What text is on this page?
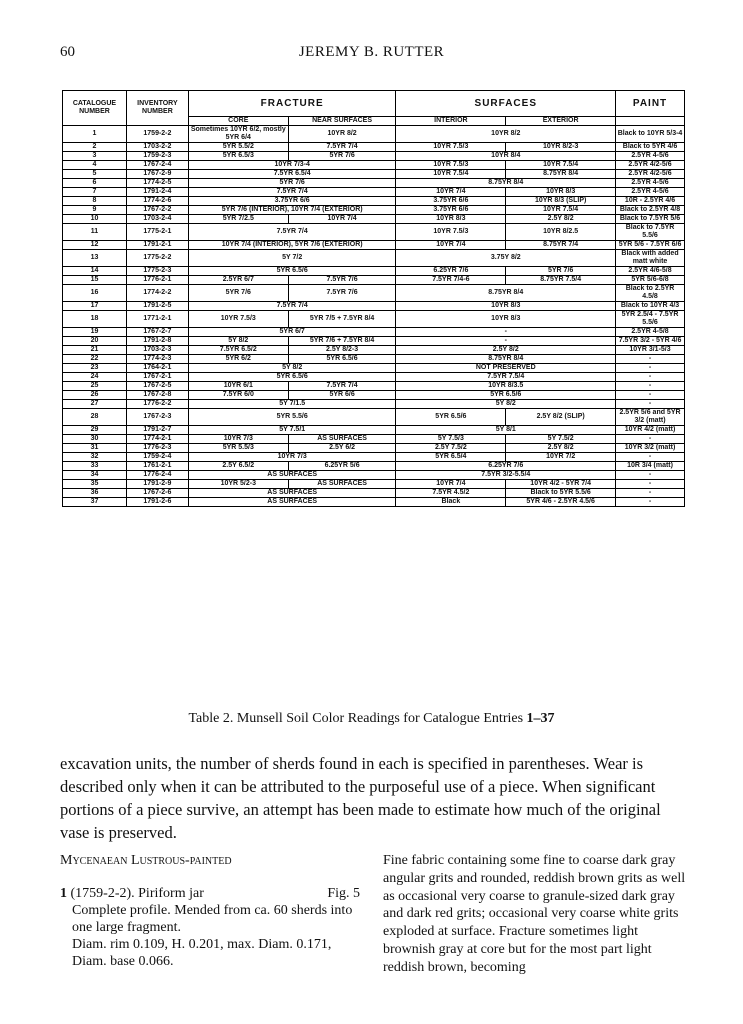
60	JEREMY B. RUTTER
CATALOGUE NUMBER	INVENTORY NUMBER	FRACTURE		SURFACES		PAINT
		CORE	NEAR SURFACES	INTERIOR	EXTERIOR	
1	1759-2-2	Sometimes 10YR 6/2, mostly 5YR 6/4	10YR 8/2	10YR 8/2		Black to 10YR 5/3-4
2	1703-2-2	5YR 5.5/2	7.5YR 7/4	10YR 7.5/3	10YR 8/2-3	Black to 5YR 4/6
3	1759-2-3	5YR 6.5/3	5YR 7/6	10YR 8/4		2.5YR 4-5/6
4	1767-2-4	10YR 7/3-4		10YR 7.5/3	10YR 7.5/4	2.5YR 4/2-5/6
5	1767-2-9	7.5YR 6.5/4		10YR 7.5/4	8.75YR 8/4	2.5YR 4/2-5/6
6	1774-2-5	5YR 7/6		8.75YR 8/4		2.5YR 4-5/6
7	1791-2-4	7.5YR 7/4		10YR 7/4	10YR 8/3	2.5YR 4-5/6
8	1774-2-6	3.75YR 6/6		3.75YR 6/6	10YR 8/3 (SLIP)	10R - 2.5YR 4/6
9	1767-2-2	5YR 7/6 (INTERIOR), 10YR 7/4 (EXTERIOR)		3.75YR 6/6	10YR 7.5/4	Black to 2.5YR 4/8
10	1703-2-4	5YR 7/2.5	10YR 7/4	10YR 8/3	2.5Y 8/2	Black to 7.5YR 5/6
11	1775-2-1	7.5YR 7/4		10YR 7.5/3	10YR 8/2.5	Black to 7.5YR 5.5/6
12	1791-2-1	10YR 7/4 (INTERIOR), 5YR 7/6 (EXTERIOR)		10YR 7/4	8.75YR 7/4	5YR 5/6 - 7.5YR 6/6
13	1775-2-2	5Y 7/2		3.75Y 8/2		Black with added matt white
14	1775-2-3	5YR 6.5/6		6.25YR 7/6	5YR 7/6	2.5YR 4/6-5/8
15	1776-2-1	2.5YR 6/7	7.5YR 7/6	7.5YR 7/4-6	8.75YR 7.5/4	5YR 5/6-6/8
16	1774-2-2	5YR 7/6	7.5YR 7/6	8.75YR 8/4		Black to 2.5YR 4.5/8
17	1791-2-5	7.5YR 7/4		10YR 8/3		Black to 10YR 4/3
18	1771-2-1	10YR 7.5/3	5YR 7/5 + 7.5YR 8/4	10YR 8/3		5YR 2.5/4 - 7.5YR 5.5/6
19	1767-2-7	5YR 6/7		-		2.5YR 4-5/8
20	1791-2-8	5Y 8/2	5YR 7/6 + 7.5YR 8/4	-		7.5YR 3/2 - 5YR 4/6
21	1703-2-3	7.5YR 6.5/2	2.5Y 8/2-3	2.5Y 8/2		10YR 3/1-5/3
22	1774-2-3	5YR 6/2	5YR 6.5/6	8.75YR 8/4		-
23	1764-2-1	5Y 8/2		NOT PRESERVED		-
24	1767-2-1	5YR 6.5/6		7.5YR 7.5/4		-
25	1767-2-5	10YR 6/1	7.5YR 7/4	10YR 8/3.5		-
26	1767-2-8	7.5YR 6/0	5YR 6/6	5YR 6.5/6		-
27	1776-2-2	5Y 7/1.5		5Y 8/2		-
28	1767-2-3	5YR 5.5/6		5YR 6.5/6	2.5Y 8/2 (SLIP)	2.5YR 5/6 and 5YR 3/2 (matt)
29	1791-2-7	5Y 7.5/1		5Y 8/1		10YR 4/2 (matt)
30	1774-2-1	10YR 7/3	AS SURFACES	5Y 7.5/3	5Y 7.5/2	-
31	1776-2-3	5YR 5.5/3	2.5Y 6/2	2.5Y 7.5/2	2.5Y 8/2	10YR 3/2 (matt)
32	1759-2-4	10YR 7/3		5YR 6.5/4	10YR 7/2	-
33	1761-2-1	2.5Y 6.5/2	6.25YR 5/6	6.25YR 7/6		10R 3/4 (matt)
34	1776-2-4	AS SURFACES		7.5YR 3/2-5.5/4		-
35	1791-2-9	10YR 5/2-3	AS SURFACES	10YR 7/4	10YR 4/2 - 5YR 7/4	-
36	1767-2-6	AS SURFACES		7.5YR 4.5/2	Black to 5YR 5.5/6	-
37	1791-2-6	AS SURFACES		Black	5YR 4/6 - 2.5YR 4.5/6	-
Table 2. Munsell Soil Color Readings for Catalogue Entries 1–37

excavation units, the number of sherds found in each is specified in parentheses. Wear is described only when it can be attributed to the purposeful use of a piece. When significant portions of a piece survive, an attempt has been made to estimate how much of the original vase is preserved.

Mycenaean Lustrous-painted
1 (1759-2-2). Piriform jar	Fig. 5
Complete profile. Mended from ca. 60 sherds into one large fragment.
Diam. rim 0.109, H. 0.201, max. Diam. 0.171, Diam. base 0.066.
Fine fabric containing some fine to coarse dark gray angular grits and rounded, reddish brown grits as well as occasional very coarse to granule-sized dark gray and dark red grits; occasional very coarse white grits exploded at surface. Fracture sometimes light brownish gray at core but for the most part light reddish brown, becoming
